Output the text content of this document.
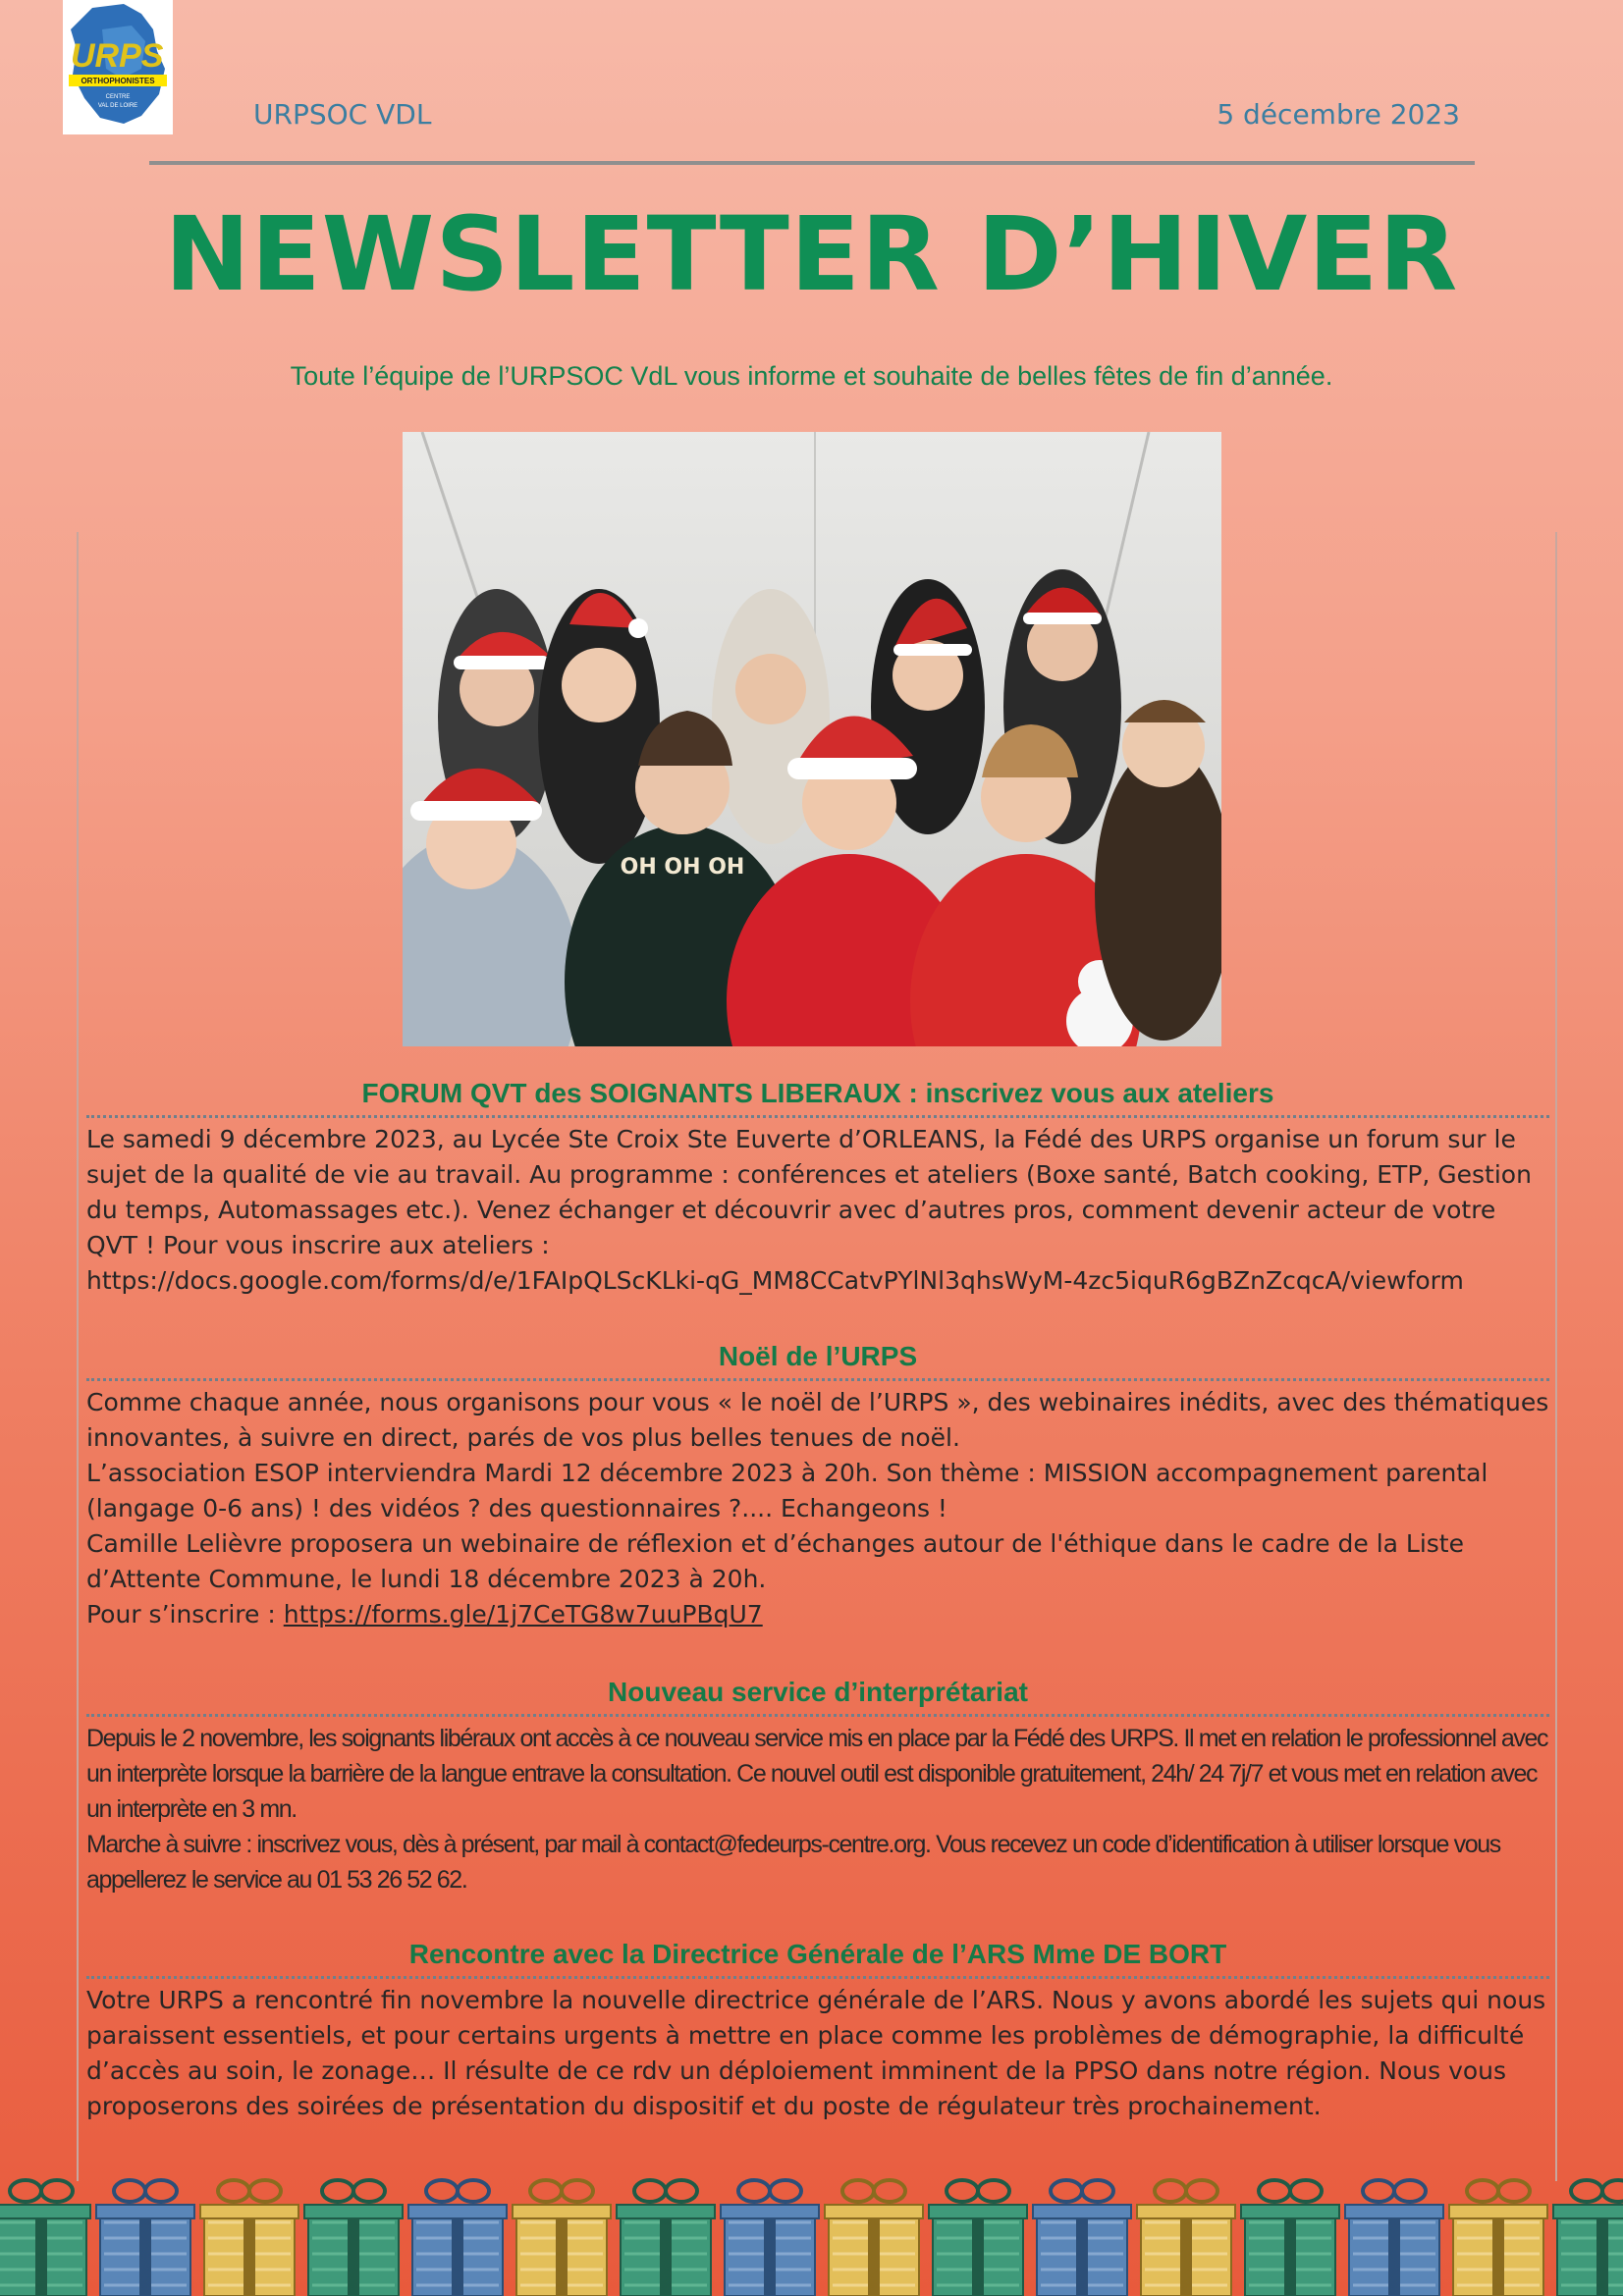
URPS
ORTHOPHONISTES
CENTRE
VAL DE LOIRE	URPSOC VDL	5 décembre 2023
NEWSLETTER D’HIVER
Toute l’équipe de l’URPSOC VdL vous informe et souhaite de belles fêtes de fin d’année.
OH OH OH
FORUM QVT des SOIGNANTS LIBERAUX : inscrivez vous aux ateliers

Le samedi 9 décembre 2023, au Lycée Ste Croix Ste Euverte d’ORLEANS, la Fédé des URPS organise un forum sur le sujet de la qualité de vie au travail. Au programme : conférences et ateliers (Boxe santé, Batch cooking, ETP, Gestion du temps, Automassages etc.). Venez échanger et découvrir avec d’autres pros, comment devenir acteur de votre QVT ! Pour vous inscrire aux ateliers :

https://docs.google.com/forms/d/e/1FAIpQLScKLki-qG_MM8CCatvPYlNl3qhsWyM-4zc5iquR6gBZnZcqcA/viewform

Noël de l’URPS

Comme chaque année, nous organisons pour vous « le noël de l’URPS », des webinaires inédits, avec des thématiques innovantes, à suivre en direct, parés de vos plus belles tenues de noël.

L’association ESOP interviendra Mardi 12 décembre 2023 à 20h. Son thème : MISSION accompagnement parental (langage 0-6 ans) ! des vidéos ? des questionnaires ?.... Echangeons !

Camille Lelièvre proposera un webinaire de réflexion et d’échanges autour de l'éthique dans le cadre de la Liste d’Attente Commune, le lundi 18 décembre 2023 à 20h.

Pour s’inscrire : https://forms.gle/1j7CeTG8w7uuPBqU7

Nouveau service d’interprétariat

Depuis le 2 novembre, les soignants libéraux ont accès à ce nouveau service mis en place par la Fédé des URPS. Il met en relation le professionnel avec un interprète lorsque la barrière de la langue entrave la consultation. Ce nouvel outil est disponible gratuitement, 24h/ 24 7j/7 et vous met en relation avec un interprète en 3 mn.

Marche à suivre : inscrivez vous, dès à présent, par mail à contact@fedeurps-centre.org. Vous recevez un code d’identification à utiliser lorsque vous appellerez le service au 01 53 26 52 62.

Rencontre avec la Directrice Générale de l’ARS Mme DE BORT

Votre URPS a rencontré fin novembre la nouvelle directrice générale de l’ARS. Nous y avons abordé les sujets qui nous paraissent essentiels, et pour certains urgents à mettre en place comme les problèmes de démographie, la difficulté d’accès au soin, le zonage… Il résulte de ce rdv un déploiement imminent de la PPSO dans notre région. Nous vous proposerons des soirées de présentation du dispositif et du poste de régulateur très prochainement.
